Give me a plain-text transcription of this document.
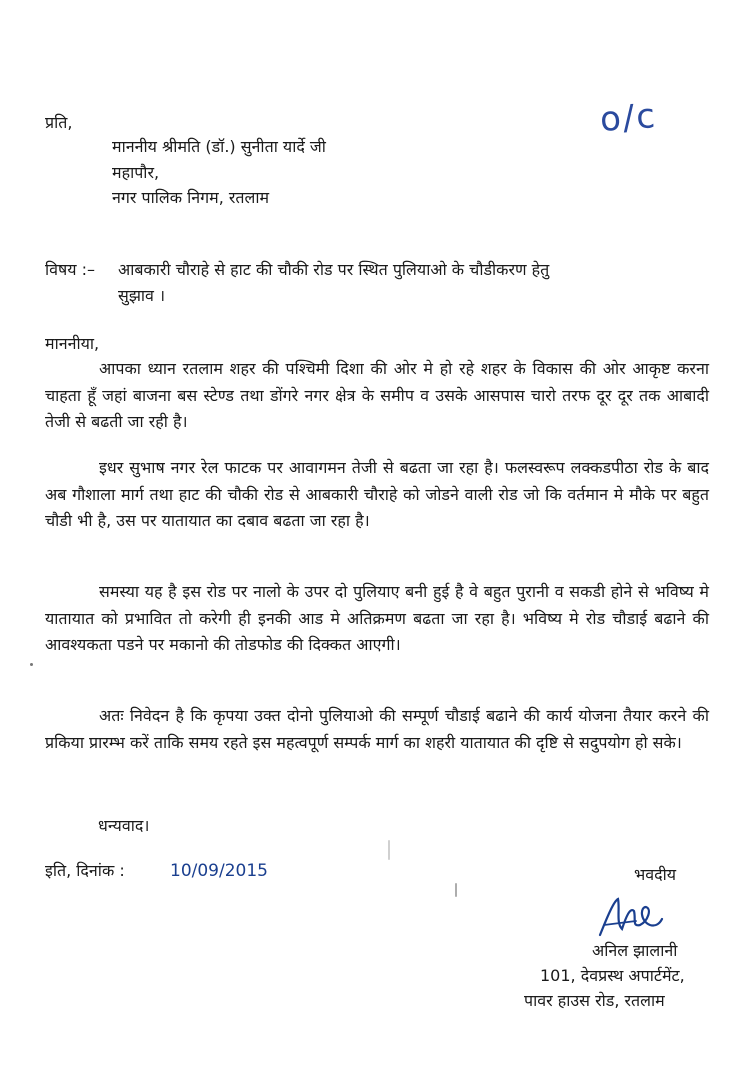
प्रति,	o/c
माननीय श्रीमति (डॉ.) सुनीता यार्दे जी
महापौर,
नगर पालिक निगम, रतलाम
विषय :– आबकारी चौराहे से हाट की चौकी रोड पर स्थित पुलियाओ के चौडीकरण हेतु
सुझाव ।
माननीया,
आपका ध्यान रतलाम शहर की पश्चिमी दिशा की ओर मे हो रहे शहर के विकास की ओर आकृष्ट करना चाहता हूँ जहां बाजना बस स्टेण्ड तथा डोंगरे नगर क्षेत्र के समीप व उसके आसपास चारो तरफ दूर दूर तक आबादी तेजी से बढती जा रही है।
इधर सुभाष नगर रेल फाटक पर आवागमन तेजी से बढता जा रहा है। फलस्वरूप लक्कडपीठा रोड के बाद अब गौशाला मार्ग तथा हाट की चौकी रोड से आबकारी चौराहे को जोडने वाली रोड जो कि वर्तमान मे मौके पर बहुत चौडी भी है, उस पर यातायात का दबाव बढता जा रहा है।
समस्या यह है इस रोड पर नालो के उपर दो पुलियाए बनी हुई है वे बहुत पुरानी व सकडी होने से भविष्य मे यातायात को प्रभावित तो करेगी ही इनकी आड मे अतिक्रमण बढता जा रहा है। भविष्य मे रोड चौडाई बढाने की आवश्यकता पडने पर मकानो की तोडफोड की दिक्कत आएगी।
अतः निवेदन है कि कृपया उक्त दोनो पुलियाओ की सम्पूर्ण चौडाई बढाने की कार्य योजना तैयार करने की प्रकिया प्रारम्भ करें ताकि समय रहते इस महत्वपूर्ण सम्पर्क मार्ग का शहरी यातायात की दृष्टि से सदुपयोग हो सके।
धन्यवाद।
इति, दिनांक :	10/09/2015	भवदीय
अनिल झालानी
101, देवप्रस्थ अपार्टमेंट,
पावर हाउस रोड, रतलाम
